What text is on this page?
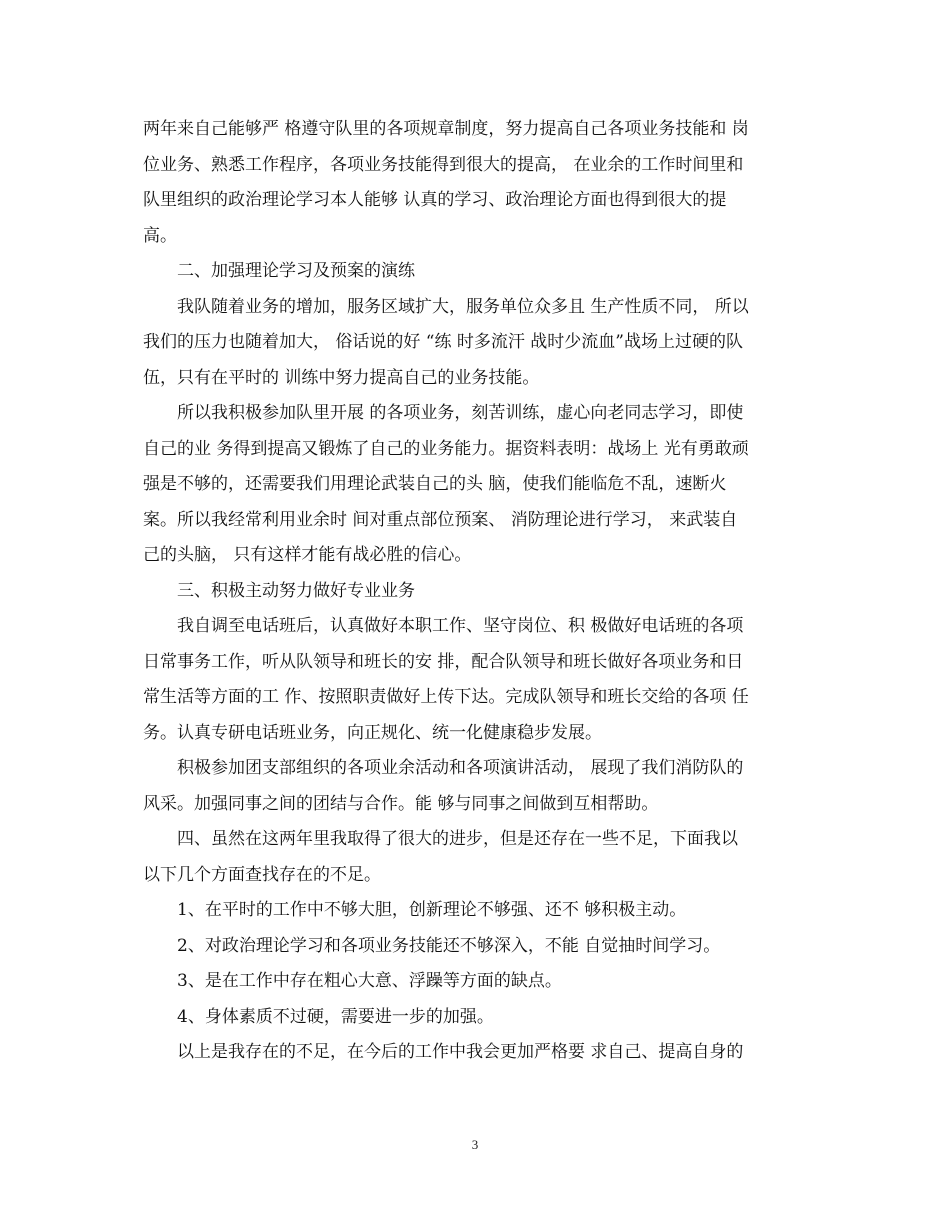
两年来自己能够严 格遵守队里的各项规章制度，努力提高自己各项业务技能和 岗
位业务、熟悉工作程序，各项业务技能得到很大的提高， 在业余的工作时间里和
队里组织的政治理论学习本人能够 认真的学习、政治理论方面也得到很大的提
高。
二、加强理论学习及预案的演练
我队随着业务的增加，服务区域扩大，服务单位众多且 生产性质不同， 所以
我们的压力也随着加大， 俗话说的好 “练 时多流汗 战时少流血”战场上过硬的队
伍，只有在平时的 训练中努力提高自己的业务技能。
所以我积极参加队里开展 的各项业务，刻苦训练，虚心向老同志学习，即使
自己的业 务得到提高又锻炼了自己的业务能力。据资料表明：战场上 光有勇敢顽
强是不够的，还需要我们用理论武装自己的头 脑，使我们能临危不乱，速断火
案。所以我经常利用业余时 间对重点部位预案、 消防理论进行学习， 来武装自
己的头脑， 只有这样才能有战必胜的信心。
三、积极主动努力做好专业业务
我自调至电话班后，认真做好本职工作、坚守岗位、积 极做好电话班的各项
日常事务工作，听从队领导和班长的安 排，配合队领导和班长做好各项业务和日
常生活等方面的工 作、按照职责做好上传下达。完成队领导和班长交给的各项 任
务。认真专研电话班业务，向正规化、统一化健康稳步发展。
积极参加团支部组织的各项业余活动和各项演讲活动， 展现了我们消防队的
风采。加强同事之间的团结与合作。能 够与同事之间做到互相帮助。
四、虽然在这两年里我取得了很大的进步，但是还存在一些不足，下面我以
以下几个方面查找存在的不足。
1、在平时的工作中不够大胆，创新理论不够强、还不 够积极主动。
2、对政治理论学习和各项业务技能还不够深入，不能 自觉抽时间学习。
3、是在工作中存在粗心大意、浮躁等方面的缺点。
4、身体素质不过硬，需要进一步的加强。
以上是我存在的不足，在今后的工作中我会更加严格要 求自己、提高自身的
3
